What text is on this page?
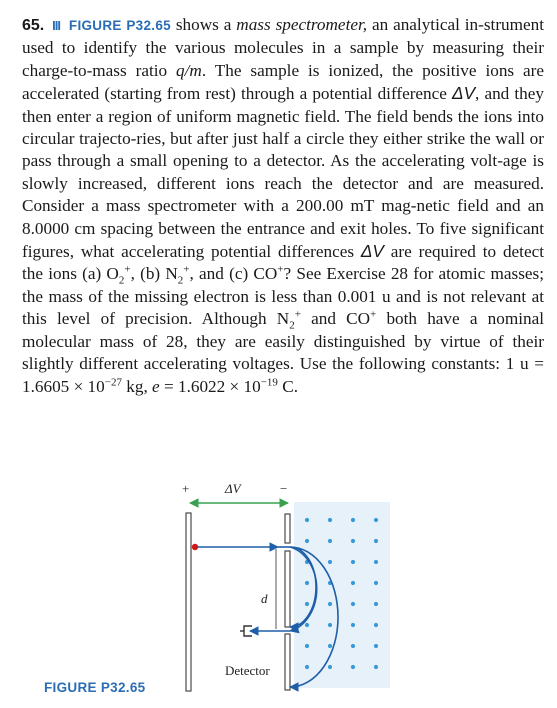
65. III FIGURE P32.65 shows a mass spectrometer, an analytical in-strument used to identify the various molecules in a sample by measuring their charge-to-mass ratio q/m. The sample is ionized, the positive ions are accelerated (starting from rest) through a potential difference ΔV, and they then enter a region of uniform magnetic field. The field bends the ions into circular trajecto-ries, but after just half a circle they either strike the wall or pass through a small opening to a detector. As the accelerating volt-age is slowly increased, different ions reach the detector and are measured. Consider a mass spectrometer with a 200.00 mT mag-netic field and an 8.0000 cm spacing between the entrance and exit holes. To five significant figures, what accelerating potential differences ΔV are required to detect the ions (a) $O_2^+$, (b) $N_2^+$, and (c) CO+? See Exercise 28 for atomic masses; the mass of the missing electron is less than 0.001 u and is not relevant at this level of precision. Although $N_2^+$ and CO+ both have a nominal molecular mass of 28, they are easily distinguished by virtue of their slightly different accelerating voltages. Use the following constants: 1 $u = 1.6605 \times 10^{-27}$ kg, $e = 1.6022 \times 10^{-19}$ C.
+	ΔV	−
d
Detector
FIGURE P32.65
